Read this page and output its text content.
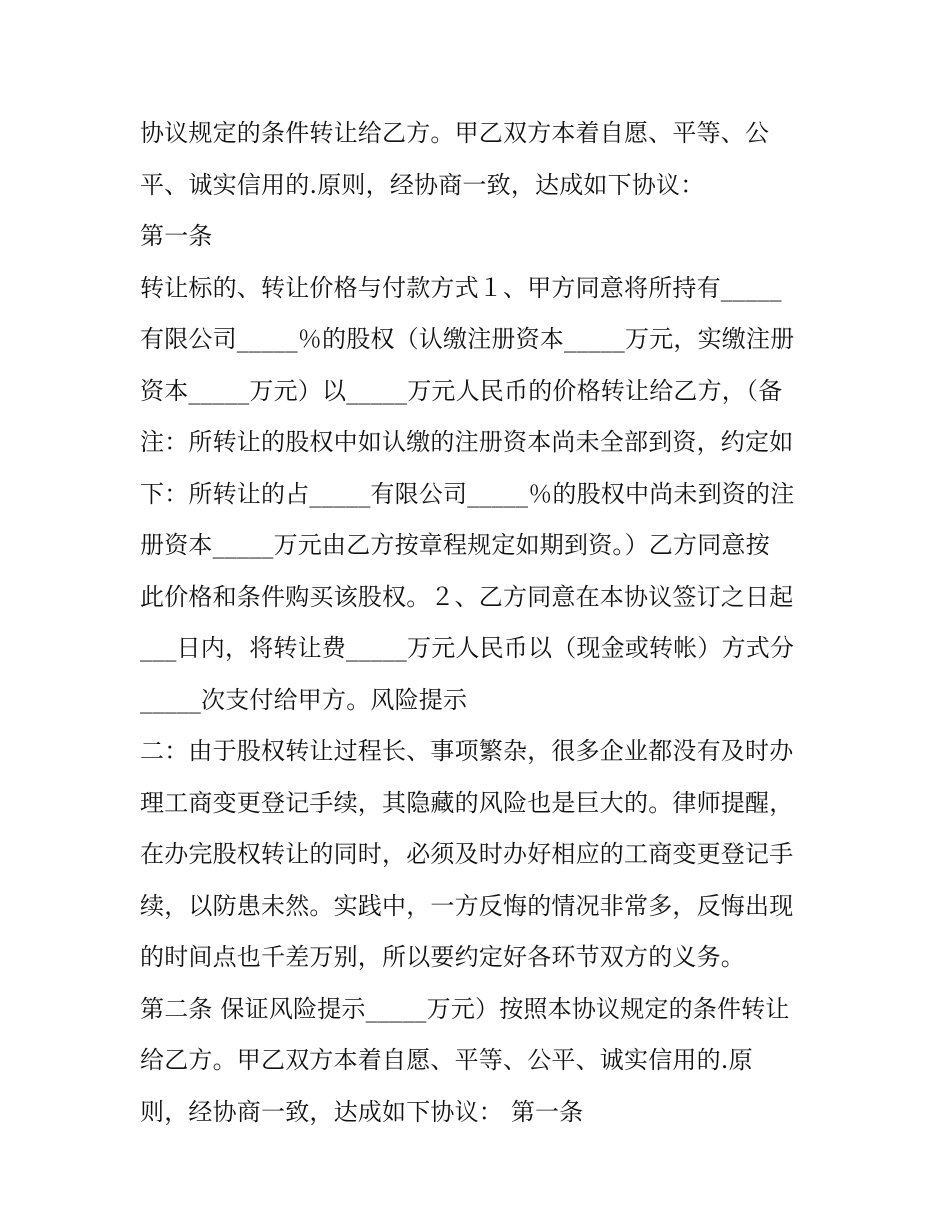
协议规定的条件转让给乙方。甲乙双方本着自愿、平等、公
平、诚实信用的.原则，经协商一致，达成如下协议：
第一条
转让标的、转让价格与付款方式１、甲方同意将所持有_____
有限公司_____％的股权（认缴注册资本_____万元，实缴注册
资本_____万元）以_____万元人民币的价格转让给乙方，（备
注：所转让的股权中如认缴的注册资本尚未全部到资，约定如
下：所转让的占_____有限公司_____％的股权中尚未到资的注
册资本_____万元由乙方按章程规定如期到资。）乙方同意按
此价格和条件购买该股权。２、乙方同意在本协议签订之日起
___日内，将转让费_____万元人民币以（现金或转帐）方式分
_____次支付给甲方。风险提示
二：由于股权转让过程长、事项繁杂，很多企业都没有及时办
理工商变更登记手续，其隐藏的风险也是巨大的。律师提醒，
在办完股权转让的同时，必须及时办好相应的工商变更登记手
续，以防患未然。实践中，一方反悔的情况非常多，反悔出现
的时间点也千差万别，所以要约定好各环节双方的义务。
第二条 保证风险提示_____万元）按照本协议规定的条件转让
给乙方。甲乙双方本着自愿、平等、公平、诚实信用的.原
则，经协商一致，达成如下协议： 第一条
